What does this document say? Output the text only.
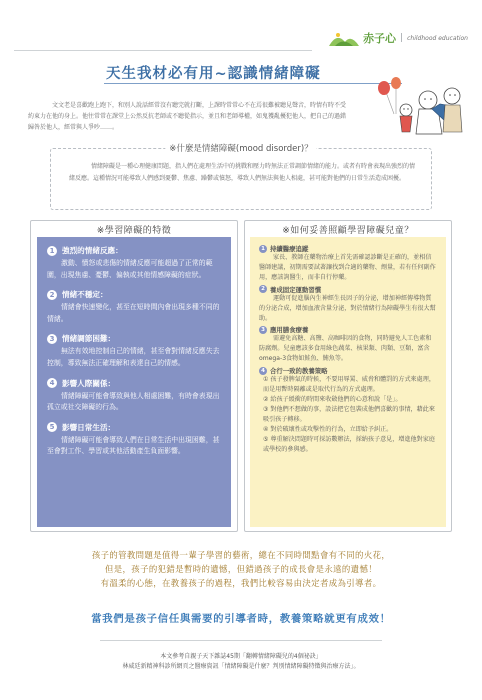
赤子心 | childhood education
天生我材必有用~認識情緒障礙
文文老是喜歡跑上跑下，和別人說話經常沒有聽完就打斷，上課時常常心不在焉很難被聽見聲音，時情有時不受約東力在他的身上。他往常常在課堂上公然反抗老師或不聽從指示，並且和老師導權，如鬼獲亂擾犯他人，把自己的過錯歸咎於他人，經常與人爭吵……。
※什麼是情緒障礙(mood disorder)？
情緒障礙是一種心理健康問題，指人們在處理生活中的挑戰和壓力時無法正常調節情緒的能力。或者有時會表現出強烈的情緒反應。這種情況可能導致人們感到憂鬱、焦慮、躁鬱或憤怒，導致人們無法與他人相處，甚可能對他們的日常生活造成困擾。
※學習障礙的特徵
1 強烈的情緒反應：
激動、憤怒或悲傷的情緒反應可能超過了正常的範圍，出現焦慮、憂鬱、偏執或其他情感障礙的症狀。
2 情緒不穩定：
情緒會快速變化，甚至在短時間內會出現多種不同的情緒。
3 情緒調節困難：
無法有效地控制自己的情緒，甚至會對情緒反應失去控制，導致無法正確理解和表達自己的情感。
4 影響人際關係：
情緒障礙可能會導致與他人相處困難，有時會表現出孤立或社交障礙的行為。
5 影響日常生活：
情緒障礙可能會導致人們在日常生活中出現困難，甚至會對工作、學習或其他活動產生負面影響。
※如何妥善照顧學習障礙兒童？
1 持續醫療追蹤
家長、教師在藥物治療上首先需確認診斷是正確的，並相信醫師建議，初期需要試著讓找到合適的藥物、劑量，若有任何副作用，應該詢醫生，而非自行停藥。
2 養成固定運動習慣
運動可促進腦內生神經生長因子的分泌，增加神經傳導物質的分泌合成，增加血液含量分泌，對於情緒行為障礙學生有很大幫助。
3 應用膳食療養
需避免高糖、高鹽、高咖啡因的食物，同時避免人工色素和防腐劑。兒童應該多食用綠色蔬菜、核果類、肉類、豆類，富含omega-3食物如鮭魚、鮪魚等。
4 合行一致的教養策略
① 孩子發脾氣的時候，不要用辱罵、威脅和體罰的方式來處理，而是用暫時隔離或是取代行為的方式處理。
② 給孩子緩衝的時間來收斂他們的心意和說「是」。
③ 對他們不想做的事，設法把它包裝成他們喜歡的事情，藉此來吸引孩子轉移。
④ 對於破壞性或攻擊性的行為，立即給予糾正。
⑤ 尊重解決問題時可採訪數辦法，採納孩子意見，增進他對家庭或學校的參與感。
孩子的管教問題是值得一輩子學習的藝術，總在不同時間點會有不同的火花，
但是，孩子的犯錯是暫時的遺憾，但錯過孩子的成長會是永遠的遺憾！
有溫柔的心態，在教養孩子的過程，我們比較容易由決定者成為引導者。
當我們是孩子信任與需要的引導者時，教養策略就更有成效！
本文參考自親子天下雜誌45期「翻轉情緒障礙兒的4個祕訣」
林威廷新精神科診所網頁之醫療資訊「情緒障礙是什麼？判別情緒障礙特徵與治療方法」。
